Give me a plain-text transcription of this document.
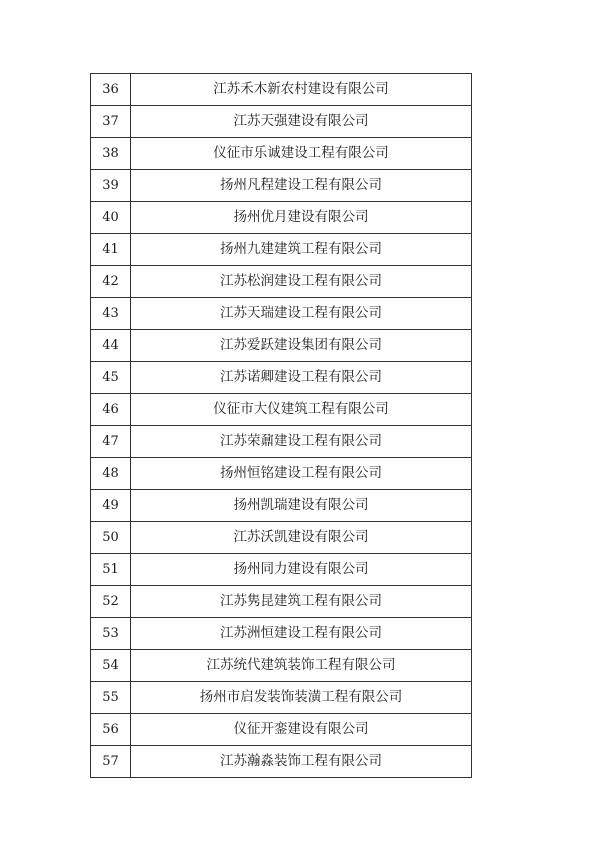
36	江苏禾木新农村建设有限公司
37	江苏天强建设有限公司
38	仪征市乐诚建设工程有限公司
39	扬州凡程建设工程有限公司
40	扬州优月建设有限公司
41	扬州九建建筑工程有限公司
42	江苏松润建设工程有限公司
43	江苏天瑞建设工程有限公司
44	江苏爱跃建设集团有限公司
45	江苏诺卿建设工程有限公司
46	仪征市大仪建筑工程有限公司
47	江苏荣鼐建设工程有限公司
48	扬州恒铭建设工程有限公司
49	扬州凯瑞建设有限公司
50	江苏沃凯建设有限公司
51	扬州同力建设有限公司
52	江苏隽昆建筑工程有限公司
53	江苏洲恒建设工程有限公司
54	江苏统代建筑装饰工程有限公司
55	扬州市启发装饰装潢工程有限公司
56	仪征开銮建设有限公司
57	江苏瀚淼装饰工程有限公司
